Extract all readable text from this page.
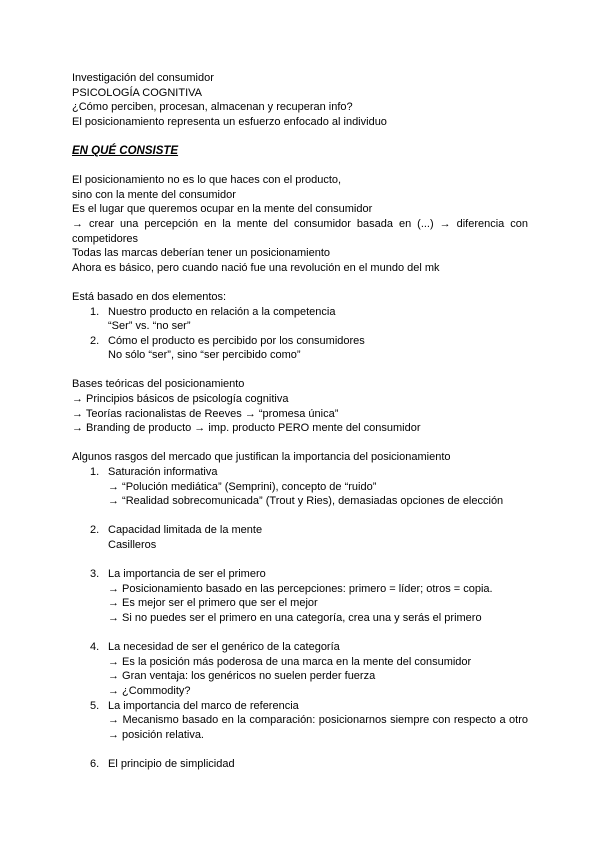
Investigación del consumidor
PSICOLOGÍA COGNITIVA
¿Cómo perciben, procesan, almacenan y recuperan info?
El posicionamiento representa un esfuerzo enfocado al individuo
EN QUÉ CONSISTE
El posicionamiento no es lo que haces con el producto,
sino con la mente del consumidor
Es el lugar que queremos ocupar en la mente del consumidor
→ crear una percepción en la mente del consumidor basada en (...) → diferencia con competidores
Todas las marcas deberían tener un posicionamiento
Ahora es básico, pero cuando nació fue una revolución en el mundo del mk
Está basado en dos elementos:
1. Nuestro producto en relación a la competencia
“Ser” vs. “no ser”
2. Cómo el producto es percibido por los consumidores
No sólo “ser”, sino “ser percibido como”
Bases teóricas del posicionamiento
→ Principios básicos de psicología cognitiva
→ Teorías racionalistas de Reeves → “promesa única”
→ Branding de producto → imp. producto PERO mente del consumidor
Algunos rasgos del mercado que justifican la importancia del posicionamiento
1. Saturación informativa
→ “Polución mediática” (Semprini), concepto de “ruido”
→ “Realidad sobrecomunicada” (Trout y Ries), demasiadas opciones de elección
2. Capacidad limitada de la mente
Casilleros
3. La importancia de ser el primero
→ Posicionamiento basado en las percepciones: primero = líder; otros = copia.
→ Es mejor ser el primero que ser el mejor
→ Si no puedes ser el primero en una categoría, crea una y serás el primero
4. La necesidad de ser el genérico de la categoría
→ Es la posición más poderosa de una marca en la mente del consumidor
→ Gran ventaja: los genéricos no suelen perder fuerza
→ ¿Commodity?
5. La importancia del marco de referencia
→ Mecanismo basado en la comparación: posicionarnos siempre con respecto a otro → posición relativa.
6. El principio de simplicidad
